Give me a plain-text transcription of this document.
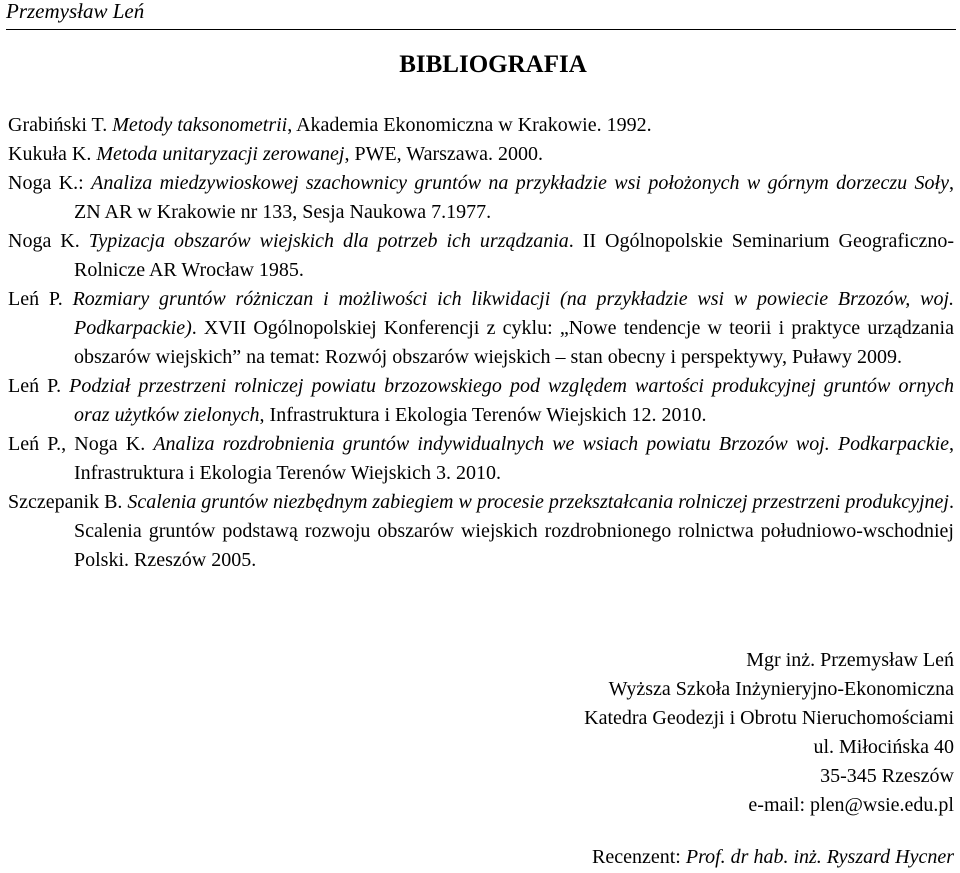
Przemysław Leń
BIBLIOGRAFIA
Grabiński T. Metody taksonometrii, Akademia Ekonomiczna w Krakowie. 1992.
Kukuła K. Metoda unitaryzacji zerowanej, PWE, Warszawa. 2000.
Noga K.: Analiza miedzywioskowej szachownicy gruntów na przykładzie wsi położonych w górnym dorzeczu Soły, ZN AR w Krakowie nr 133, Sesja Naukowa 7.1977.
Noga K. Typizacja obszarów wiejskich dla potrzeb ich urządzania. II Ogólnopolskie Seminarium Geograficzno-Rolnicze AR Wrocław 1985.
Leń P. Rozmiary gruntów różniczan i możliwości ich likwidacji (na przykładzie wsi w powiecie Brzozów, woj. Podkarpackie). XVII Ogólnopolskiej Konferencji z cyklu: „Nowe tendencje w teorii i praktyce urządzania obszarów wiejskich” na temat: Rozwój obszarów wiejskich – stan obecny i perspektywy, Puławy 2009.
Leń P. Podział przestrzeni rolniczej powiatu brzozowskiego pod względem wartości produkcyjnej gruntów ornych oraz użytków zielonych, Infrastruktura i Ekologia Terenów Wiejskich 12. 2010.
Leń P., Noga K. Analiza rozdrobnienia gruntów indywidualnych we wsiach powiatu Brzozów woj. Podkarpackie, Infrastruktura i Ekologia Terenów Wiejskich 3. 2010.
Szczepanik B. Scalenia gruntów niezbędnym zabiegiem w procesie przekształcania rolniczej przestrzeni produkcyjnej. Scalenia gruntów podstawą rozwoju obszarów wiejskich rozdrobnionego rolnictwa południowo-wschodniej Polski. Rzeszów 2005.
Mgr inż. Przemysław Leń
Wyższa Szkoła Inżynieryjno-Ekonomiczna
Katedra Geodezji i Obrotu Nieruchomościami
ul. Miłocińska 40
35-345 Rzeszów
e-mail: plen@wsie.edu.pl
Recenzent: Prof. dr hab. inż. Ryszard Hycner
